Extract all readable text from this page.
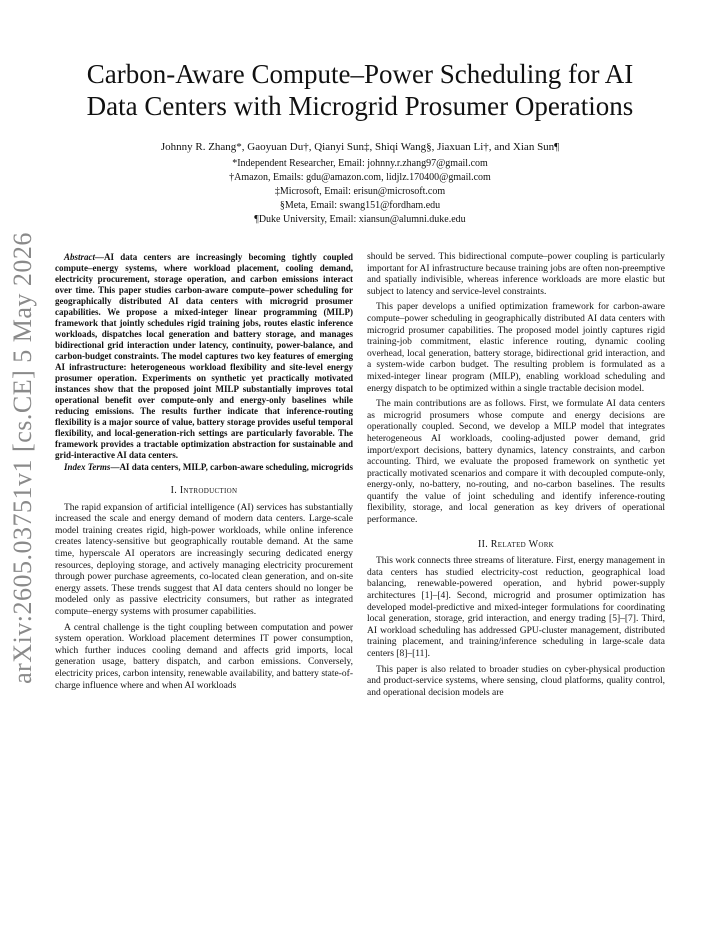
arXiv:2605.03751v1 [cs.CE] 5 May 2026
Carbon-Aware Compute–Power Scheduling for AI
Data Centers with Microgrid Prosumer Operations
Johnny R. Zhang*, Gaoyuan Du†, Qianyi Sun‡, Shiqi Wang§, Jiaxuan Li†, and Xian Sun¶
*Independent Researcher, Email: johnny.r.zhang97@gmail.com
†Amazon, Emails: gdu@amazon.com, lidjlz.170400@gmail.com
‡Microsoft, Email: erisun@microsoft.com
§Meta, Email: swang151@fordham.edu
¶Duke University, Email: xiansun@alumni.duke.edu

Abstract—AI data centers are increasingly becoming tightly coupled compute–energy systems, where workload placement, cooling demand, electricity procurement, storage operation, and carbon emissions interact over time. This paper studies carbon-aware compute–power scheduling for geographically distributed AI data centers with microgrid prosumer capabilities. We propose a mixed-integer linear programming (MILP) framework that jointly schedules rigid training jobs, routes elastic inference workloads, dispatches local generation and battery storage, and manages bidirectional grid interaction under latency, continuity, power-balance, and carbon-budget constraints. The model captures two key features of emerging AI infrastructure: heterogeneous workload flexibility and site-level energy prosumer operation. Experiments on synthetic yet practically motivated instances show that the proposed joint MILP substantially improves total operational benefit over compute-only and energy-only baselines while reducing emissions. The results further indicate that inference-routing flexibility is a major source of value, battery storage provides useful temporal flexibility, and local-generation-rich settings are particularly favorable. The framework provides a tractable optimization abstraction for sustainable and grid-interactive AI data centers.

Index Terms—AI data centers, MILP, carbon-aware scheduling, microgrids

I. Introduction

The rapid expansion of artificial intelligence (AI) services has substantially increased the scale and energy demand of modern data centers. Large-scale model training creates rigid, high-power workloads, while online inference creates latency-sensitive but geographically routable demand. At the same time, hyperscale AI operators are increasingly securing dedicated energy resources, deploying storage, and actively managing electricity procurement through power purchase agreements, co-located clean generation, and on-site energy assets. These trends suggest that AI data centers should no longer be modeled only as passive electricity consumers, but rather as integrated compute–energy systems with prosumer capabilities.

A central challenge is the tight coupling between computation and power system operation. Workload placement determines IT power consumption, which further induces cooling demand and affects grid imports, local generation usage, battery dispatch, and carbon emissions. Conversely, electricity prices, carbon intensity, renewable availability, and battery state-of-charge influence where and when AI workloads

should be served. This bidirectional compute–power coupling is particularly important for AI infrastructure because training jobs are often non-preemptive and spatially indivisible, whereas inference workloads are more elastic but subject to latency and service-level constraints.

This paper develops a unified optimization framework for carbon-aware compute–power scheduling in geographically distributed AI data centers with microgrid prosumer capabilities. The proposed model jointly captures rigid training-job commitment, elastic inference routing, dynamic cooling overhead, local generation, battery storage, bidirectional grid interaction, and a system-wide carbon budget. The resulting problem is formulated as a mixed-integer linear program (MILP), enabling workload scheduling and energy dispatch to be optimized within a single tractable decision model.

The main contributions are as follows. First, we formulate AI data centers as microgrid prosumers whose compute and energy decisions are operationally coupled. Second, we develop a MILP model that integrates heterogeneous AI workloads, cooling-adjusted power demand, grid import/export decisions, battery dynamics, latency constraints, and carbon accounting. Third, we evaluate the proposed framework on synthetic yet practically motivated scenarios and compare it with decoupled compute-only, energy-only, no-battery, no-routing, and no-carbon baselines. The results quantify the value of joint scheduling and identify inference-routing flexibility, storage, and local generation as key drivers of operational performance.

II. Related Work

This work connects three streams of literature. First, energy management in data centers has studied electricity-cost reduction, geographical load balancing, renewable-powered operation, and hybrid power-supply architectures [1]–[4]. Second, microgrid and prosumer optimization has developed model-predictive and mixed-integer formulations for coordinating local generation, storage, grid interaction, and energy trading [5]–[7]. Third, AI workload scheduling has addressed GPU-cluster management, distributed training placement, and training/inference scheduling in large-scale data centers [8]–[11].

This paper is also related to broader studies on cyber-physical production and product-service systems, where sensing, cloud platforms, quality control, and operational decision models are
